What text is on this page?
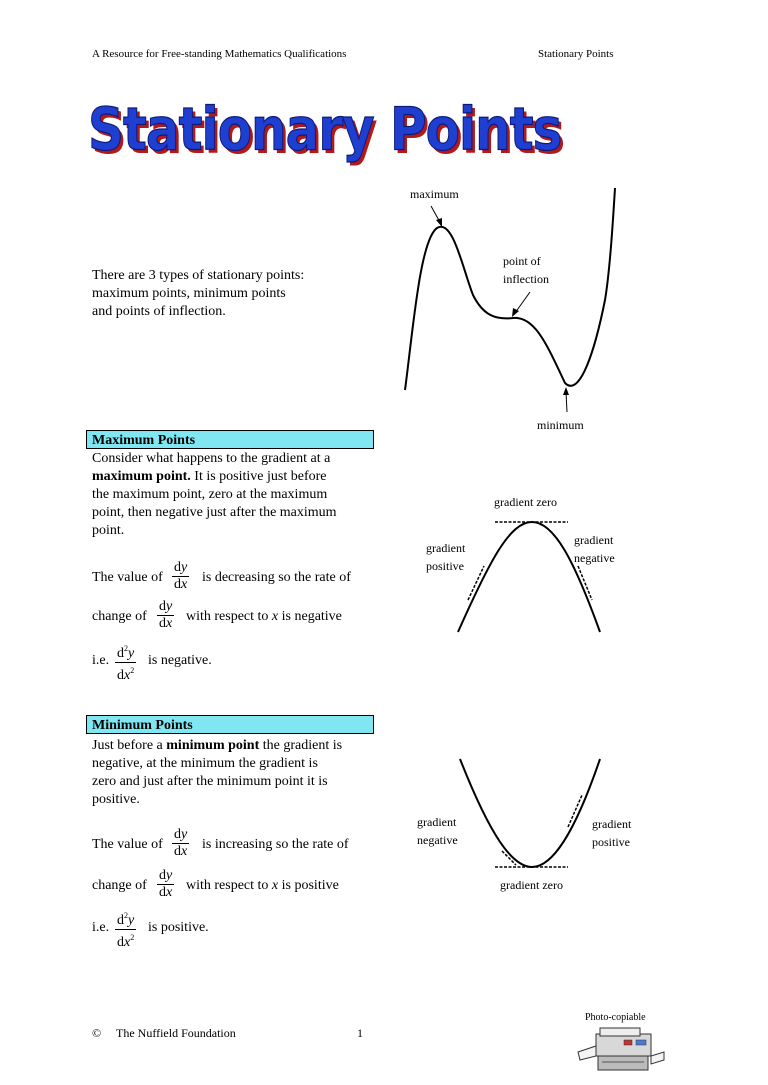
A Resource for Free-standing Mathematics Qualifications	Stationary Points
Stationary Points
There are 3 types of stationary points:
maximum points, minimum points
and points of inflection.
maximum
point of
inflection
minimum
Maximum Points
Consider what happens to the gradient at a
maximum point. It is positive just before
the maximum point, zero at the maximum
point, then negative just after the maximum
point.
The value of
dy
dx is decreasing so the rate of
change of
dy
dx with respect to x is negative
i.e. $d^2y$
$dx^2$
is negative.
gradient zero
gradient
positive
gradient
negative
Minimum Points
Just before a minimum point the gradient is
negative, at the minimum the gradient is
zero and just after the minimum point it is
positive.
The value of
dy
dx is increasing so the rate of
change of
dy
dx with respect to x is positive
i.e. $d^2y$
$dx^2$
is positive.
gradient
negative
gradient
positive
gradient zero
© The Nuffield Foundation	1
Photo-copiable
